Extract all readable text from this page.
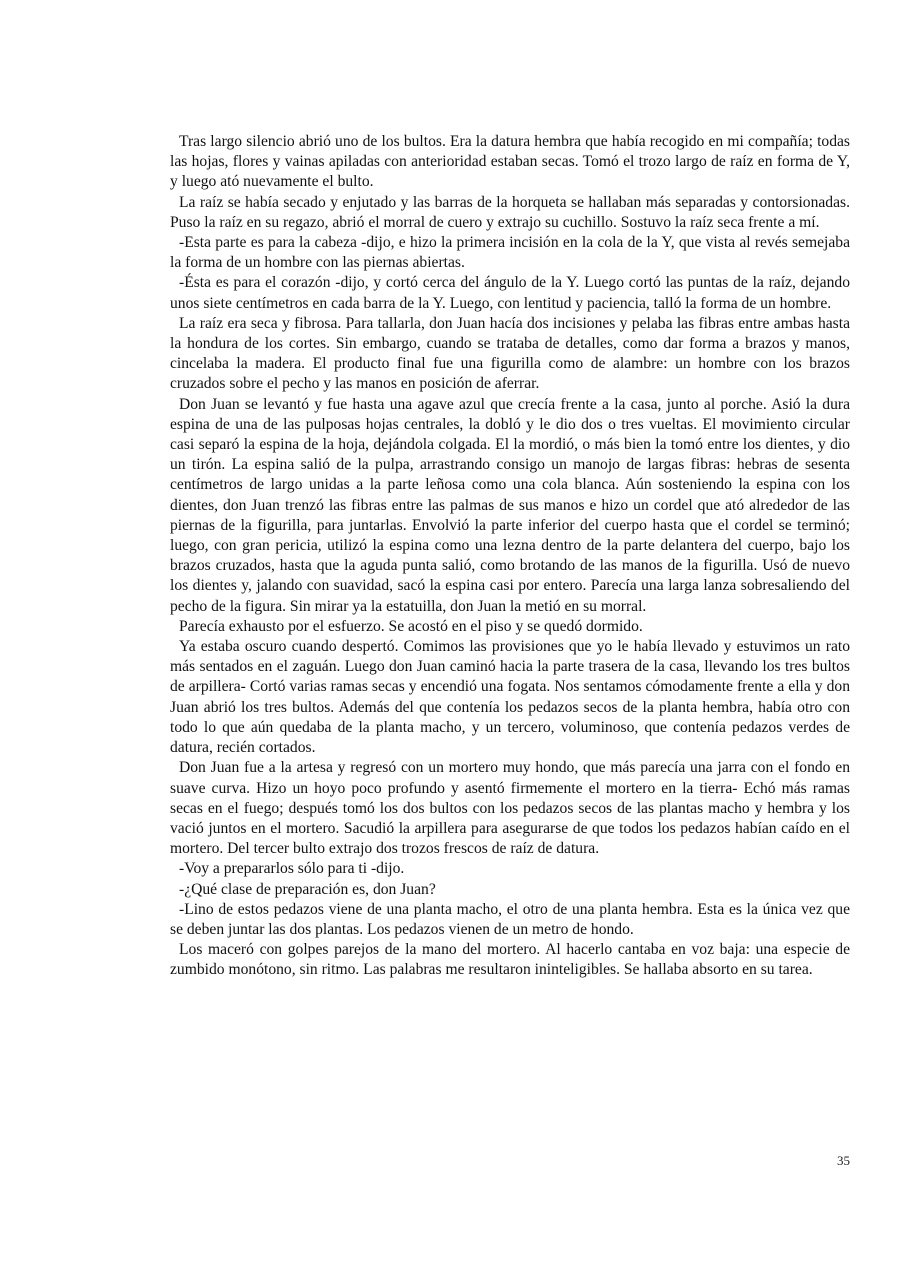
Tras largo silencio abrió uno de los bultos. Era la datura hembra que había recogido en mi compañía; todas las hojas, flores y vainas apiladas con anterioridad estaban secas. Tomó el trozo largo de raíz en forma de Y, y luego ató nuevamente el bulto.

La raíz se había secado y enjutado y las barras de la horqueta se hallaban más separadas y contorsionadas. Puso la raíz en su regazo, abrió el morral de cuero y extrajo su cuchillo. Sostuvo la raíz seca frente a mí.

-Esta parte es para la cabeza -dijo, e hizo la primera incisión en la cola de la Y, que vista al revés semejaba la forma de un hombre con las piernas abiertas.

-Ésta es para el corazón -dijo, y cortó cerca del ángulo de la Y. Luego cortó las puntas de la raíz, dejando unos siete centímetros en cada barra de la Y. Luego, con lentitud y paciencia, talló la forma de un hombre.

La raíz era seca y fibrosa. Para tallarla, don Juan hacía dos incisiones y pelaba las fibras entre ambas hasta la hondura de los cortes. Sin embargo, cuando se trataba de detalles, como dar forma a brazos y manos, cincelaba la madera. El producto final fue una figurilla como de alambre: un hombre con los brazos cruzados sobre el pecho y las manos en posición de aferrar.

Don Juan se levantó y fue hasta una agave azul que crecía frente a la casa, junto al porche. Asió la dura espina de una de las pulposas hojas centrales, la dobló y le dio dos o tres vueltas. El movimiento circular casi separó la espina de la hoja, dejándola colgada. El la mordió, o más bien la tomó entre los dientes, y dio un tirón. La espina salió de la pulpa, arrastrando consigo un manojo de largas fibras: hebras de sesenta centímetros de largo unidas a la parte leñosa como una cola blanca. Aún sosteniendo la espina con los dientes, don Juan trenzó las fibras entre las palmas de sus manos e hizo un cordel que ató alrededor de las piernas de la figurilla, para juntarlas. Envolvió la parte inferior del cuerpo hasta que el cordel se terminó; luego, con gran pericia, utilizó la espina como una lezna dentro de la parte delantera del cuerpo, bajo los brazos cruzados, hasta que la aguda punta salió, como brotando de las manos de la figurilla. Usó de nuevo los dientes y, jalando con suavidad, sacó la espina casi por entero. Parecía una larga lanza sobresaliendo del pecho de la figura. Sin mirar ya la estatuilla, don Juan la metió en su morral.

Parecía exhausto por el esfuerzo. Se acostó en el piso y se quedó dormido.

Ya estaba oscuro cuando despertó. Comimos las provisiones que yo le había llevado y estuvimos un rato más sentados en el zaguán. Luego don Juan caminó hacia la parte trasera de la casa, llevando los tres bultos de arpillera- Cortó varias ramas secas y encendió una fogata. Nos sentamos cómodamente frente a ella y don Juan abrió los tres bultos. Además del que contenía los pedazos secos de la planta hembra, había otro con todo lo que aún quedaba de la planta macho, y un tercero, voluminoso, que contenía pedazos verdes de datura, recién cortados.

Don Juan fue a la artesa y regresó con un mortero muy hondo, que más parecía una jarra con el fondo en suave curva. Hizo un hoyo poco profundo y asentó firmemente el mortero en la tierra- Echó más ramas secas en el fuego; después tomó los dos bultos con los pedazos secos de las plantas macho y hembra y los vació juntos en el mortero. Sacudió la arpillera para asegurarse de que todos los pedazos habían caído en el mortero. Del tercer bulto extrajo dos trozos frescos de raíz de datura.

-Voy a prepararlos sólo para ti -dijo.

-¿Qué clase de preparación es, don Juan?

-Lino de estos pedazos viene de una planta macho, el otro de una planta hembra. Esta es la única vez que se deben juntar las dos plantas. Los pedazos vienen de un metro de hondo.

Los maceró con golpes parejos de la mano del mortero. Al hacerlo cantaba en voz baja: una especie de zumbido monótono, sin ritmo. Las palabras me resultaron ininteligibles. Se hallaba absorto en su tarea.

35
